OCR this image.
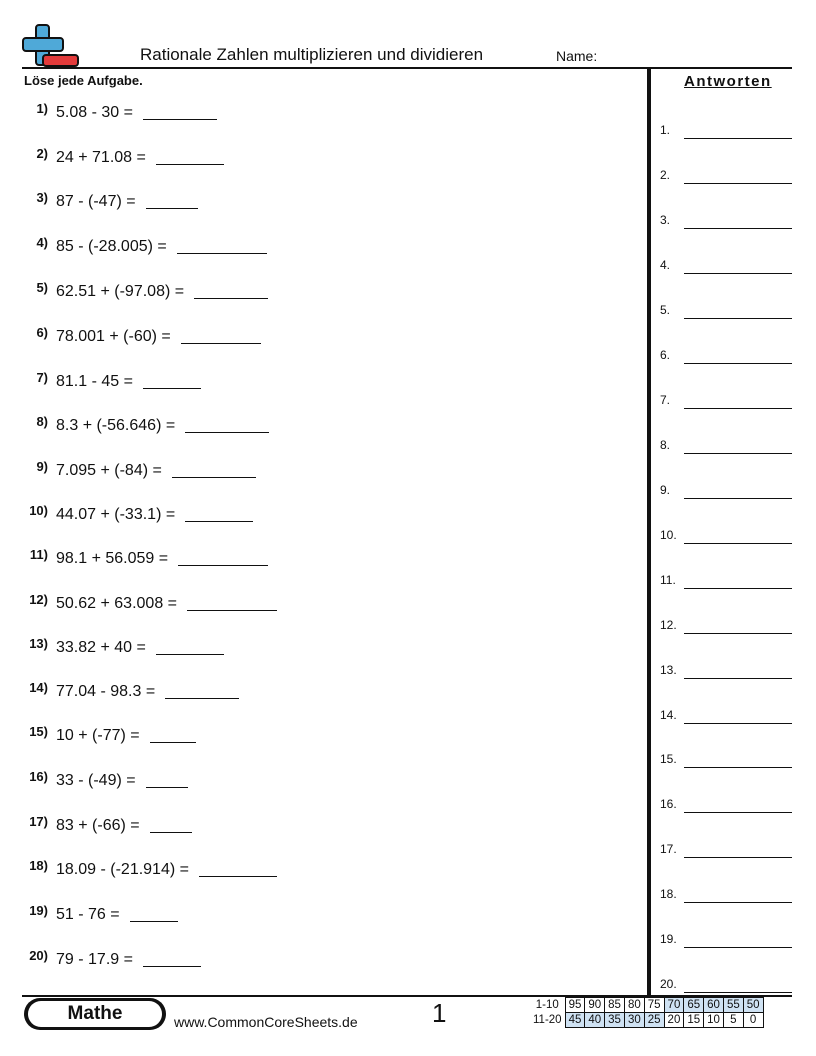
Rationale Zahlen multiplizieren und dividieren	Name:
Löse jede Aufgabe.	Antworten
1) 5.08 - 30 =
2) 24 + 71.08 =
3) 87 - (-47) =
4) 85 - (-28.005) =
5) 62.51 + (-97.08) =
6) 78.001 + (-60) =
7) 81.1 - 45 =
8) 8.3 + (-56.646) =
9) 7.095 + (-84) =
10) 44.07 + (-33.1) =
11) 98.1 + 56.059 =
12) 50.62 + 63.008 =
13) 33.82 + 40 =
14) 77.04 - 98.3 =
15) 10 + (-77) =
16) 33 - (-49) =
17) 83 + (-66) =
18) 18.09 - (-21.914) =
19) 51 - 76 =
20) 79 - 17.9 =
1.
2.
3.
4.
5.
6.
7.
8.
9.
10.
11.
12.
13.
14.
15.
16.
17.
18.
19.
20.
Mathe	www.CommonCoreSheets.de	1	1-10	95	90	85	80	75	70	65	60	55	50
11-20	45	40	35	30	25	20	15	10	5	0
